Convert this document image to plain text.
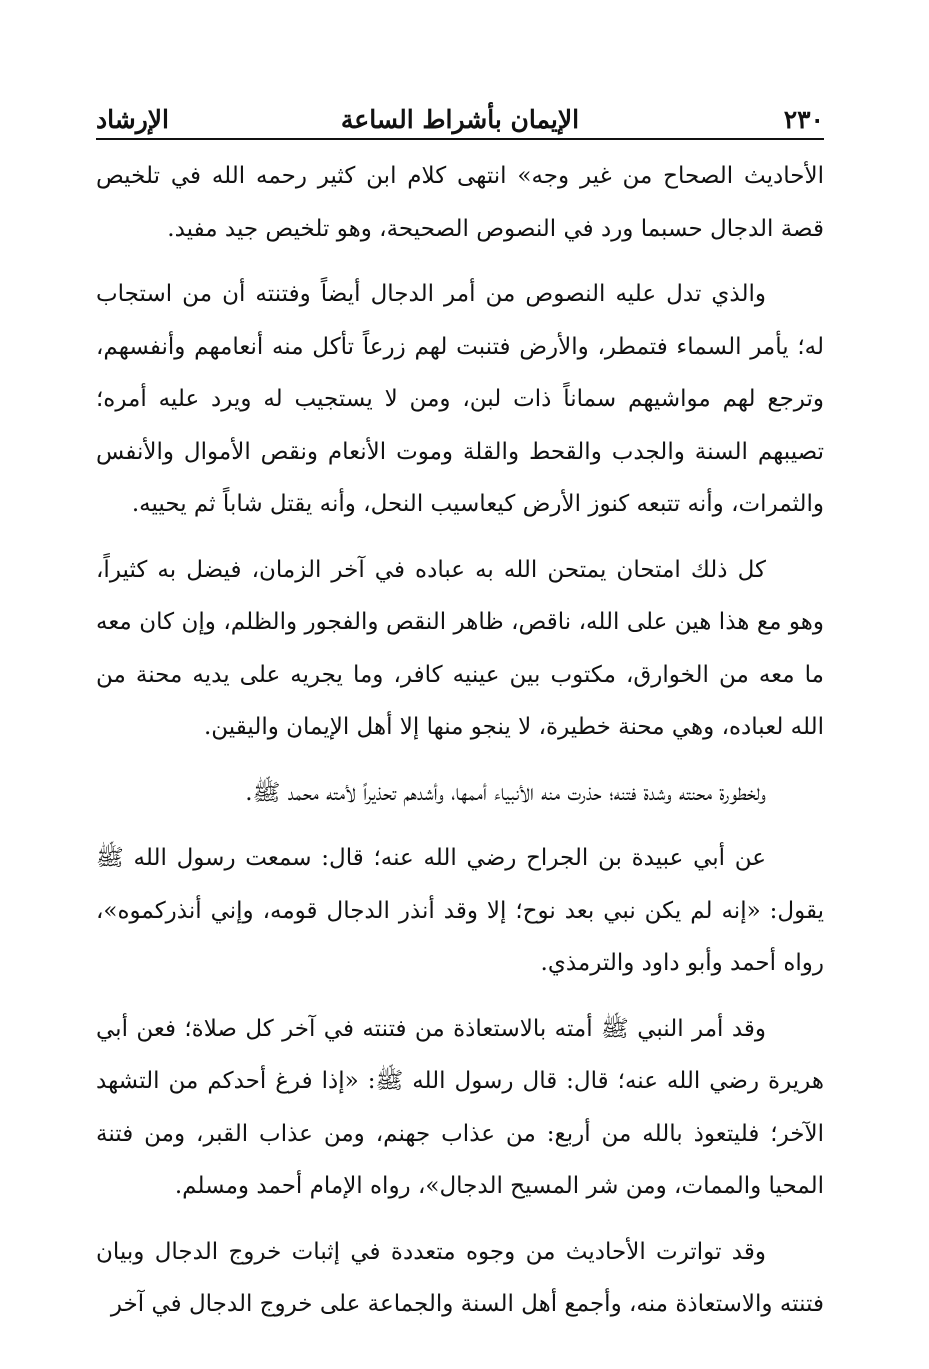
٢٣٠
الإيمان بأشراط الساعة
الإرشاد

الأحاديث الصحاح من غير وجه» انتهى كلام ابن كثير رحمه الله في تلخيص قصة الدجال حسبما ورد في النصوص الصحيحة، وهو تلخيص جيد مفيد.

والذي تدل عليه النصوص من أمر الدجال أيضاً وفتنته أن من استجاب له؛ يأمر السماء فتمطر، والأرض فتنبت لهم زرعاً تأكل منه أنعامهم وأنفسهم، وترجع لهم مواشيهم سماناً ذات لبن، ومن لا يستجيب له ويرد عليه أمره؛ تصيبهم السنة والجدب والقحط والقلة وموت الأنعام ونقص الأموال والأنفس والثمرات، وأنه تتبعه كنوز الأرض كيعاسيب النحل، وأنه يقتل شاباً ثم يحييه.

كل ذلك امتحان يمتحن الله به عباده في آخر الزمان، فيضل به كثيراً، وهو مع هذا هين على الله، ناقص، ظاهر النقص والفجور والظلم، وإن كان معه ما معه من الخوارق، مكتوب بين عينيه كافر، وما يجريه على يديه محنة من الله لعباده، وهي محنة خطيرة، لا ينجو منها إلا أهل الإيمان واليقين.

ولخطورة محنته وشدة فتنه؛ حذرت منه الأنبياء أممها، وأشدهم تحذيراً لأمته محمد ﷺ.

عن أبي عبيدة بن الجراح رضي الله عنه؛ قال: سمعت رسول الله ﷺ يقول: «إنه لم يكن نبي بعد نوح؛ إلا وقد أنذر الدجال قومه، وإني أنذركموه»، رواه أحمد وأبو داود والترمذي.

وقد أمر النبي ﷺ أمته بالاستعاذة من فتنته في آخر كل صلاة؛ فعن أبي هريرة رضي الله عنه؛ قال: قال رسول الله ﷺ: «إذا فرغ أحدكم من التشهد الآخر؛ فليتعوذ بالله من أربع: من عذاب جهنم، ومن عذاب القبر، ومن فتنة المحيا والممات، ومن شر المسيح الدجال»، رواه الإمام أحمد ومسلم.

وقد تواترت الأحاديث من وجوه متعددة في إثبات خروج الدجال وبيان فتنته والاستعاذة منه، وأجمع أهل السنة والجماعة على خروج الدجال في آخر
